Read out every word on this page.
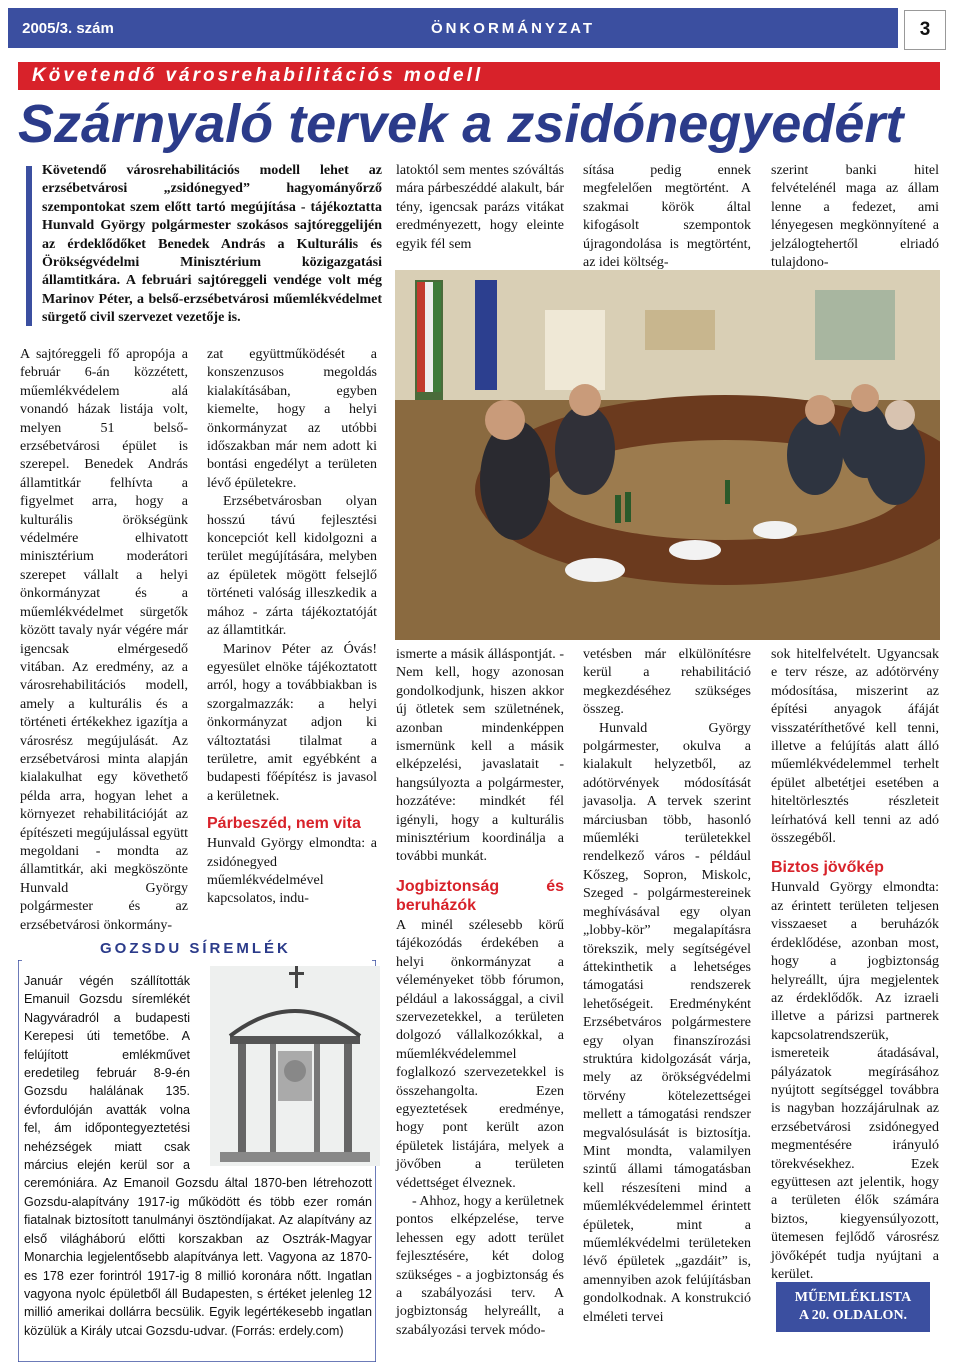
2005/3. szám	ÖNKORMÁNYZAT	3
Követendő városrehabilitációs modell
Szárnyaló tervek a zsidónegyedért
Követendő városrehabilitációs modell lehet az erzsébetvárosi „zsidónegyed” hagyományőrző szempontokat szem előtt tartó megújítása - tájékoztatta Hunvald György polgármester szokásos sajtóreggelijén az érdeklődőket Benedek András a Kulturális és Örökségvédelmi Minisztérium közigazgatási államtitkára. A februári sajtóreggeli vendége volt még Marinov Péter, a belső-erzsébetvárosi műemlékvédelmet sürgető civil szervezet vezetője is.

A sajtóreggeli fő apropója a február 6-án közzétett, műemlékvédelem alá vonandó házak listája volt, melyen 51 belső-erzsébetvárosi épület is szerepel. Benedek András államtitkár felhívta a figyelmet arra, hogy a kulturális örökségünk védelmére elhivatott minisztérium moderátori szerepet vállalt a helyi önkormányzat és a műemlékvédelmet sürgetők között tavaly nyár végére már igencsak elmérgesedő vitában. Az eredmény, az a városrehabilitációs modell, amely a kulturális és a történeti értékekhez igazítja a városrész megújulását. Az erzsébetvárosi minta alapján kialakulhat egy követhető példa arra, hogyan lehet a környezet rehabilitációját az építészeti megújulással együtt megoldani - mondta az államtitkár, aki megköszönte Hunvald György polgármester és az erzsébetvárosi önkormány-

zat együttműködését a konszenzusos megoldás kialakításában, egyben kiemelte, hogy a helyi önkormányzat az utóbbi időszakban már nem adott ki bontási engedélyt a területen lévő épületekre.

Erzsébetvárosban olyan hosszú távú fejlesztési koncepciót kell kidolgozni a terület megújítására, melyben az épületek mögött felsejlő történeti valóság illeszkedik a mához - zárta tájékoztatóját az államtitkár.

Marinov Péter az Óvás! egyesület elnöke tájékoztatott arról, hogy a továbbiakban is szorgalmazzák: a helyi önkormányzat adjon ki változtatási tilalmat a területre, amit egyébként a budapesti főépítész is javasol a kerületnek.

Párbeszéd, nem vita

Hunvald György elmondta: a zsidónegyed műemlékvédelmével kapcsolatos, indu-

latoktól sem mentes szóváltás mára párbeszéddé alakult, bár tény, igencsak parázs vitákat eredményezett, hogy eleinte egyik fél sem
sítása pedig ennek megfelelően megtörtént. A szakmai körök által kifogásolt szempontok újragondolása is megtörtént, az idei költség-
szerint banki hitel felvételénél maga az állam lenne a fedezet, ami lényegesen megkönnyítené a jelzálogtehertől elriadó tulajdono-

ismerte a másik álláspontját. - Nem kell, hogy azonosan gondolkodjunk, hiszen akkor új ötletek sem születnének, azonban mindenképpen ismernünk kell a másik elképzelési, javaslatait - hangsúlyozta a polgármester, hozzátéve: mindkét fél igényli, hogy a kulturális minisztérium koordinálja a további munkát.

Jogbiztonság és beruházók

A minél szélesebb körű tájékozódás érdekében a helyi önkormányzat a véleményeket több fórumon, például a lakossággal, a civil szervezetekkel, a területen dolgozó vállalkozókkal, a műemlékvédelemmel foglalkozó szervezetekkel is összehangolta. Ezen egyeztetések eredménye, hogy pont került azon épületek listájára, melyek a jövőben a területen védettséget élveznek.

- Ahhoz, hogy a kerületnek pontos elképzelése, terve lehessen egy adott terület fejlesztésére, két dolog szükséges - a jogbiztonság és a szabályozási terv. A jogbiztonság helyreállt, a szabályozási tervek módo-

vetésben már elkülönítésre kerül a rehabilitáció megkezdéséhez szükséges összeg.

Hunvald György polgármester, okulva a kialakult helyzetből, az adótörvények módosítását javasolja. A tervek szerint márciusban több, hasonló műemléki területekkel rendelkező város - például Kőszeg, Sopron, Miskolc, Szeged - polgármestereinek meghívásával egy olyan „lobby-kör” megalapításra törekszik, mely segítségével áttekinthetik a lehetséges támogatási rendszerek lehetőségeit. Eredményként Erzsébetváros polgármestere egy olyan finanszírozási struktúra kidolgozását várja, mely az örökségvédelmi törvény kötelezettségei mellett a támogatási rendszer megvalósulását is biztosítja. Mint mondta, valamilyen szintű állami támogatásban kell részesíteni mind a műemlékvédelemmel érintett épületek, mint a műemlékvédelmi területeken lévő épületek „gazdáit” is, amennyiben azok felújításban gondolkodnak. A konstrukció elméleti tervei

sok hitelfelvételt. Ugyancsak e terv része, az adótörvény módosítása, miszerint az építési anyagok áfáját visszatéríthetővé kell tenni, illetve a felújítás alatt álló műemlékvédelemmel terhelt épület albetétjei esetében a hiteltörlesztés részleteit leírhatóvá kell tenni az adó összegéből.

Biztos jövőkép

Hunvald György elmondta: az érintett területen teljesen visszaeset a beruházók érdeklődése, azonban most, hogy a jogbiztonság helyreállt, újra megjelentek az érdeklődők. Az izraeli illetve a párizsi partnerek kapcsolatrendszerük, ismereteik átadásával, pályázatok megírásához nyújtott segítséggel továbbra is nagyban hozzájárulnak az erzsébetvárosi zsidónegyed megmentésére irányuló törekvésekhez. Ezek együttesen azt jelentik, hogy a területen élők számára biztos, kiegyensúlyozott, ütemesen fejlődő városrész jövőképét tudja nyújtani a kerület.

MŰEMLÉKLISTA
A 20. OLDALON.
GOZSDU SÍREMLÉK
Január végén szállították Emanuil Gozsdu síremlékét Nagyváradról a budapesti Kerepesi úti temetőbe. A felújított emlékművet eredetileg február 8-9-én Gozsdu halálának 135. évfordulóján avatták volna fel, ám időpontegyeztetési nehézségek miatt csak március elején kerül sor a ceremóniára. Az Emanoil Gozsdu által 1870-ben létrehozott Gozsdu-alapítvány 1917-ig működött és több ezer román fiatalnak biztosított tanulmányi ösztöndíjakat. Az alapítvány az első világháború előtti korszakban az Osztrák-Magyar Monarchia legjelentősebb alapítványa lett. Vagyona az 1870-es 178 ezer forintról 1917-ig 8 millió koronára nőtt. Ingatlan vagyona nyolc épületből áll Budapesten, s értéket jelenleg 12 millió amerikai dollárra becsülik. Egyik legértékesebb ingatlan közülük a Király utcai Gozsdu-udvar. (Forrás: erdely.com)
